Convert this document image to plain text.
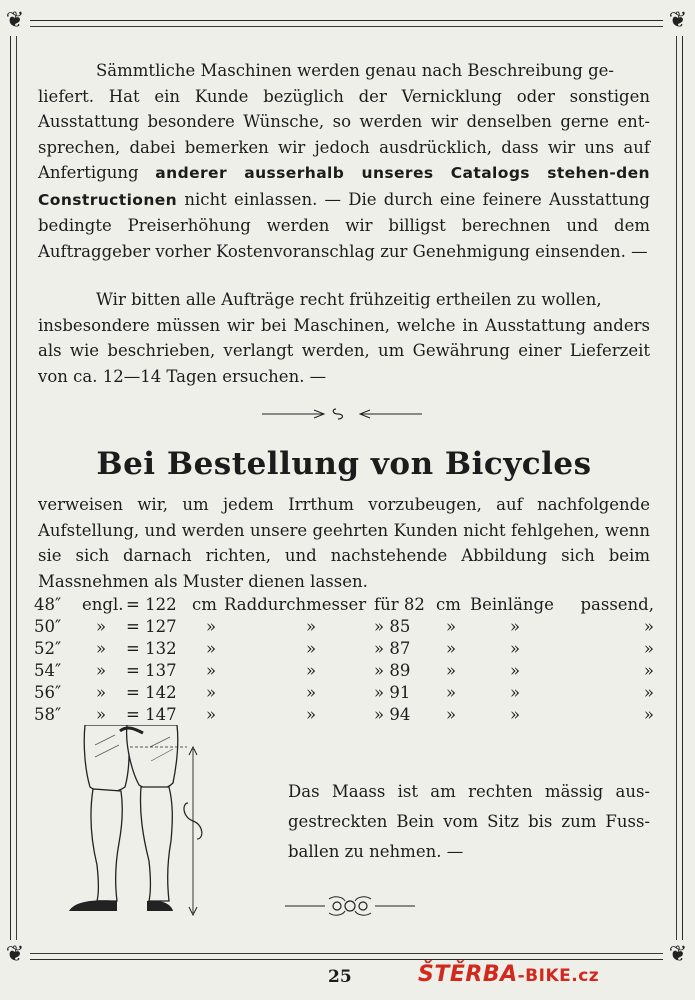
❦	❦
❦	❦
Sämmtliche Maschinen werden genau nach Beschreibung ge-
liefert. Hat ein Kunde bezüglich der Vernicklung oder sonstigen Ausstattung besondere Wünsche, so werden wir denselben gerne ent-sprechen, dabei bemerken wir jedoch ausdrücklich, dass wir uns auf Anfertigung anderer ausserhalb unseres Catalogs stehen-den Constructionen nicht einlassen. — Die durch eine feinere Ausstattung bedingte Preiserhöhung werden wir billigst berechnen und dem Auftraggeber vorher Kostenvoranschlag zur Genehmigung einsenden. —
Wir bitten alle Aufträge recht frühzeitig ertheilen zu wollen,
insbesondere müssen wir bei Maschinen, welche in Ausstattung anders als wie beschrieben, verlangt werden, um Gewährung einer Lieferzeit von ca. 12—14 Tagen ersuchen. —
Bei Bestellung von Bicycles
verweisen wir, um jedem Irrthum vorzubeugen, auf nachfolgende Aufstellung, und werden unsere geehrten Kunden nicht fehlgehen, wenn sie sich darnach richten, und nachstehende Abbildung sich beim Massnehmen als Muster dienen lassen.
48″	engl.	= 122	cm	Raddurchmesser	für 82	cm	Beinlänge	passend,
50″	»	= 127	»	»	» 85	»	»	»
52″	»	= 132	»	»	» 87	»	»	»
54″	»	= 137	»	»	» 89	»	»	»
56″	»	= 142	»	»	» 91	»	»	»
58″	»	= 147	»	»	» 94	»	»	»
Das Maass ist am rechten mässig aus-gestreckten Bein vom Sitz bis zum Fuss-ballen zu nehmen. —
25	ŠTĚRBA-BIKE.cz
